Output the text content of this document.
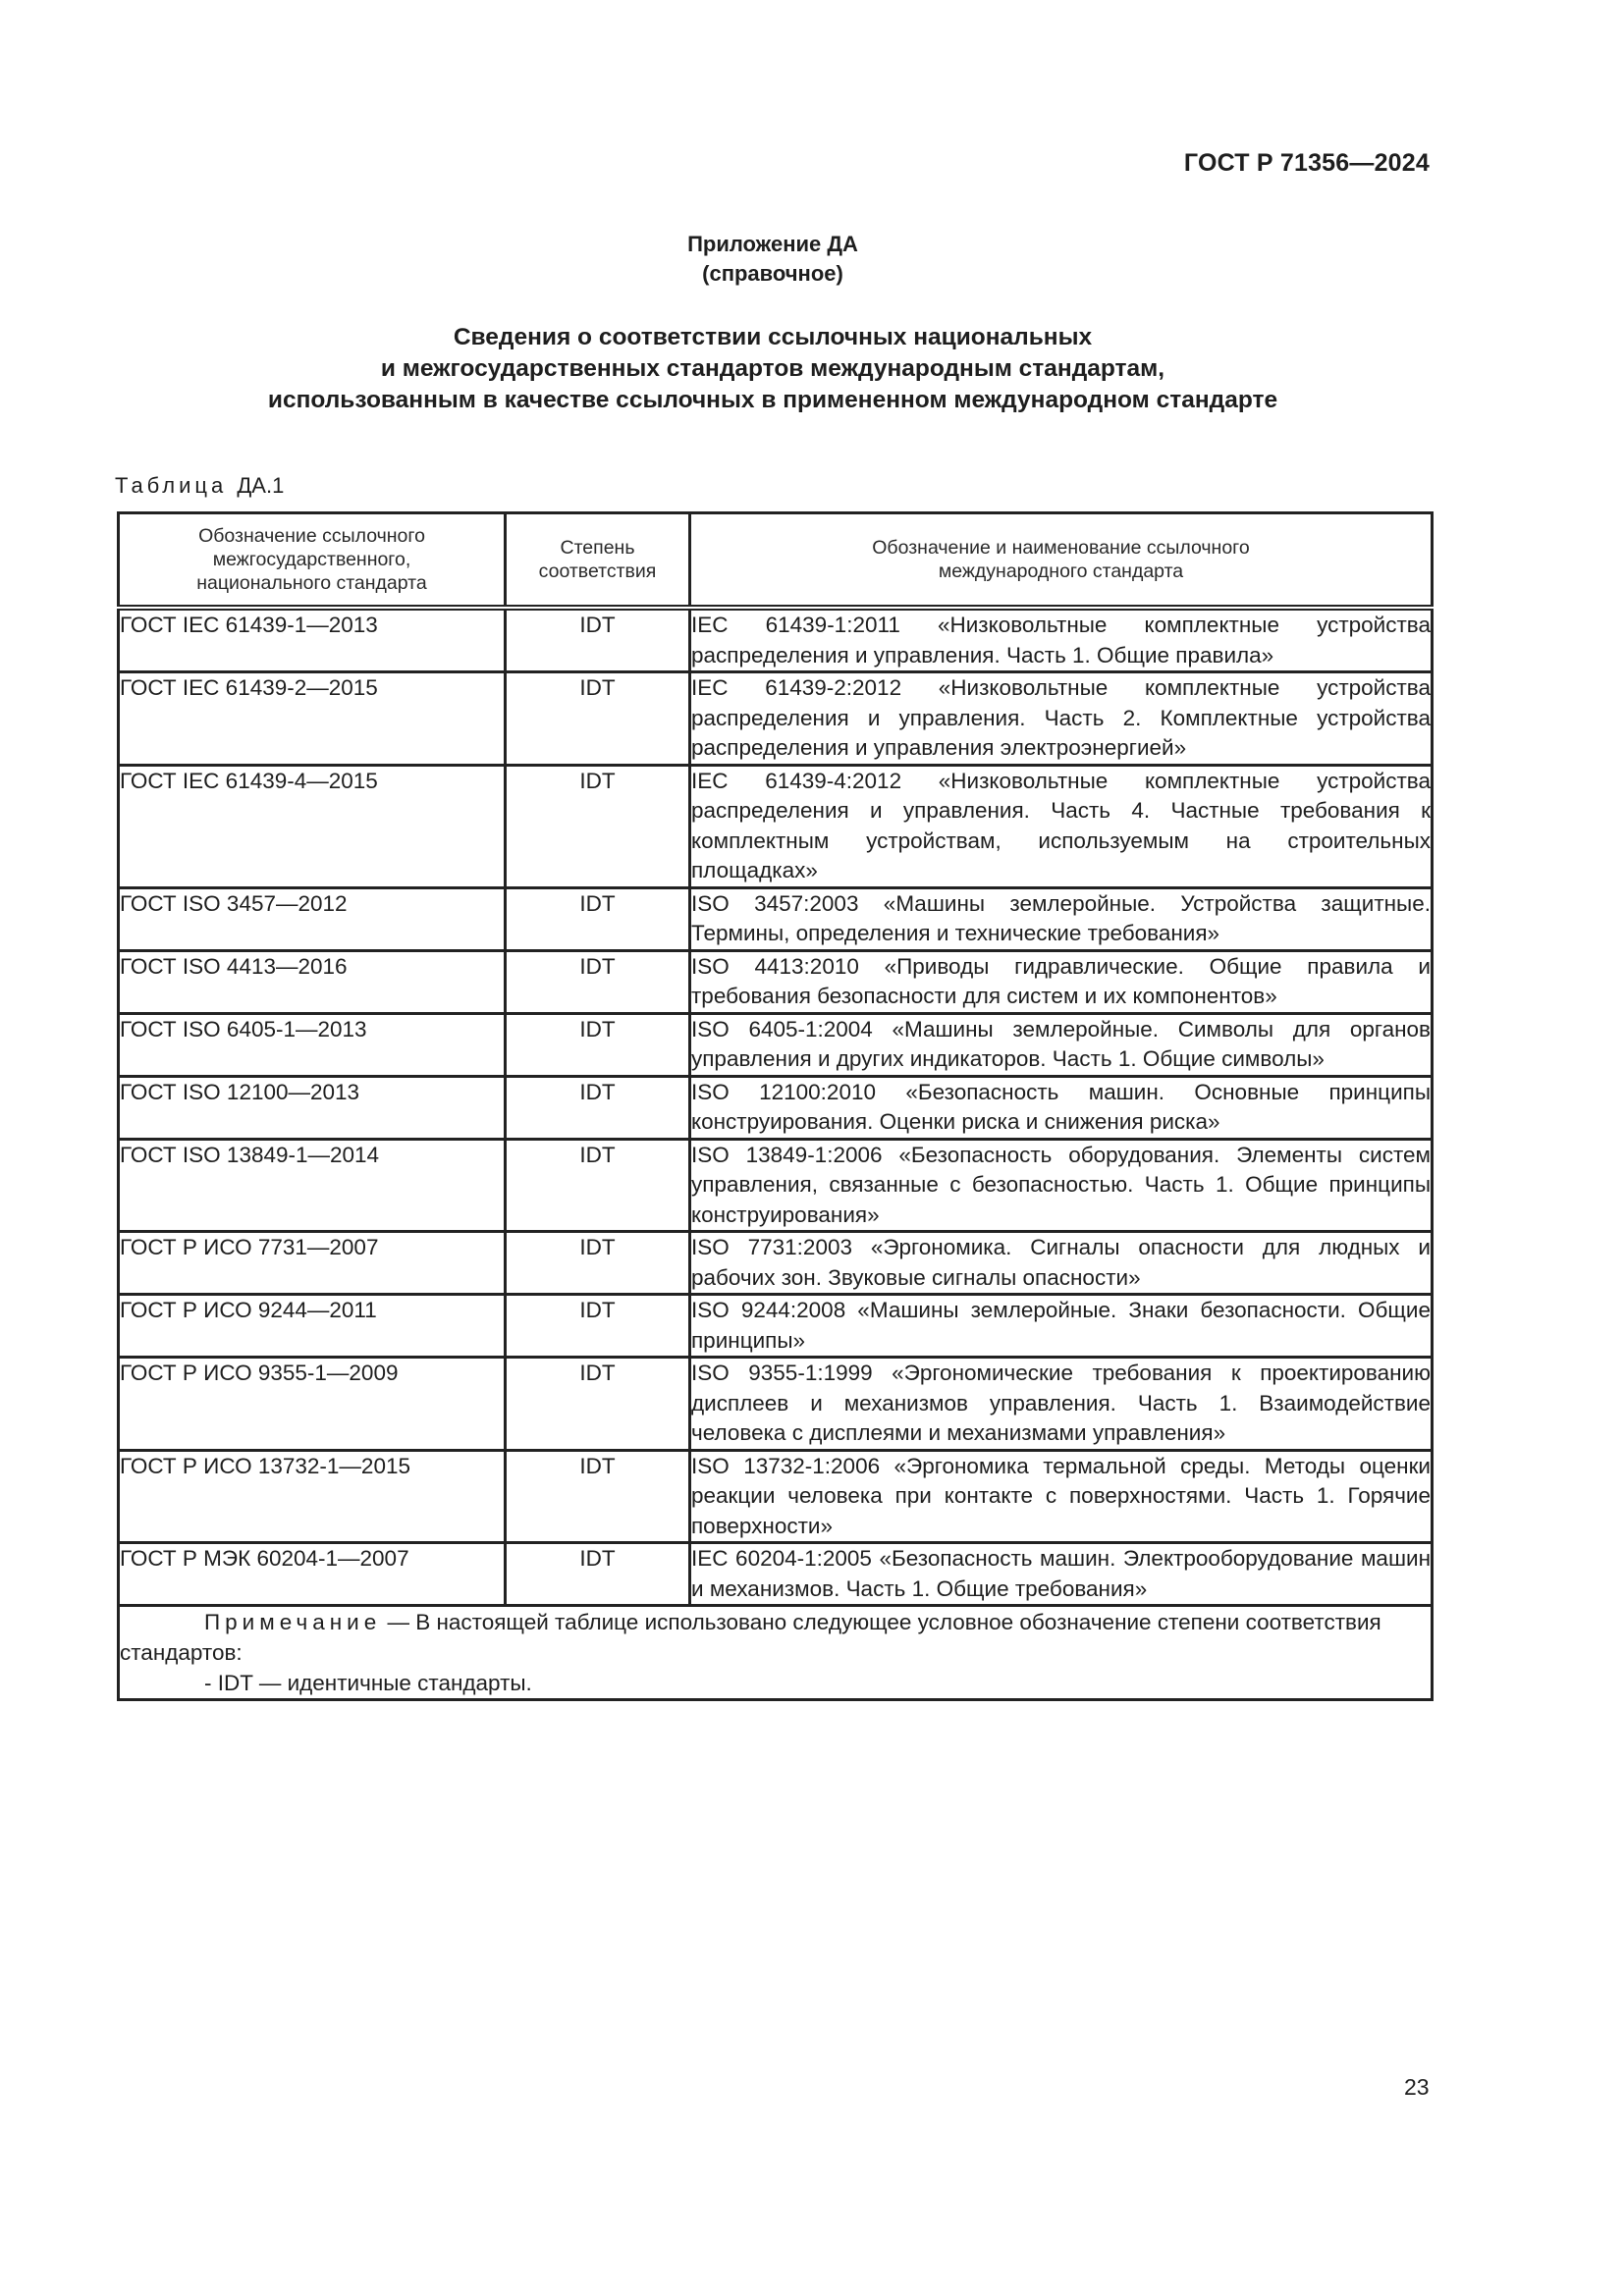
ГОСТ Р 71356—2024
Приложение ДА
(справочное)
Сведения о соответствии ссылочных национальных
и межгосударственных стандартов международным стандартам,
использованным в качестве ссылочных в примененном международном стандарте
Таблица ДА.1
Обозначение ссылочного межгосударственного, национального стандарта	Степень соответствия	Обозначение и наименование ссылочного международного стандарта
ГОСТ IEC 61439-1—2013	IDT	IEC 61439-1:2011 «Низковольтные комплектные устройства распределения и управления. Часть 1. Общие правила»
ГОСТ IEC 61439-2—2015	IDT	IEC 61439-2:2012 «Низковольтные комплектные устройства распределения и управления. Часть 2. Комплектные устройства распределения и управления электроэнергией»
ГОСТ IEC 61439-4—2015	IDT	IEC 61439-4:2012 «Низковольтные комплектные устройства распределения и управления. Часть 4. Частные требования к комплектным устройствам, используемым на строительных площадках»
ГОСТ ISO 3457—2012	IDT	ISO 3457:2003 «Машины землеройные. Устройства защитные. Термины, определения и технические требования»
ГОСТ ISO 4413—2016	IDT	ISO 4413:2010 «Приводы гидравлические. Общие правила и требования безопасности для систем и их компонентов»
ГОСТ ISO 6405-1—2013	IDT	ISO 6405-1:2004 «Машины землеройные. Символы для органов управления и других индикаторов. Часть 1. Общие символы»
ГОСТ ISO 12100—2013	IDT	ISO 12100:2010 «Безопасность машин. Основные принципы конструирования. Оценки риска и снижения риска»
ГОСТ ISO 13849-1—2014	IDT	ISO 13849-1:2006 «Безопасность оборудования. Элементы систем управления, связанные с безопасностью. Часть 1. Общие принципы конструирования»
ГОСТ Р ИСО 7731—2007	IDT	ISO 7731:2003 «Эргономика. Сигналы опасности для людных и рабочих зон. Звуковые сигналы опасности»
ГОСТ Р ИСО 9244—2011	IDT	ISO 9244:2008 «Машины землеройные. Знаки безопасности. Общие принципы»
ГОСТ Р ИСО 9355-1—2009	IDT	ISO 9355-1:1999 «Эргономические требования к проектированию дисплеев и механизмов управления. Часть 1. Взаимодействие человека с дисплеями и механизмами управления»
ГОСТ Р ИСО 13732-1—2015	IDT	ISO 13732-1:2006 «Эргономика термальной среды. Методы оценки реакции человека при контакте с поверхностями. Часть 1. Горячие поверхности»
ГОСТ Р МЭК 60204-1—2007	IDT	IEC 60204-1:2005 «Безопасность машин. Электрооборудование машин и механизмов. Часть 1. Общие требования»
Примечание — В настоящей таблице использовано следующее условное обозначение степени соответствия стандартов:
- IDT — идентичные стандарты.		
23
